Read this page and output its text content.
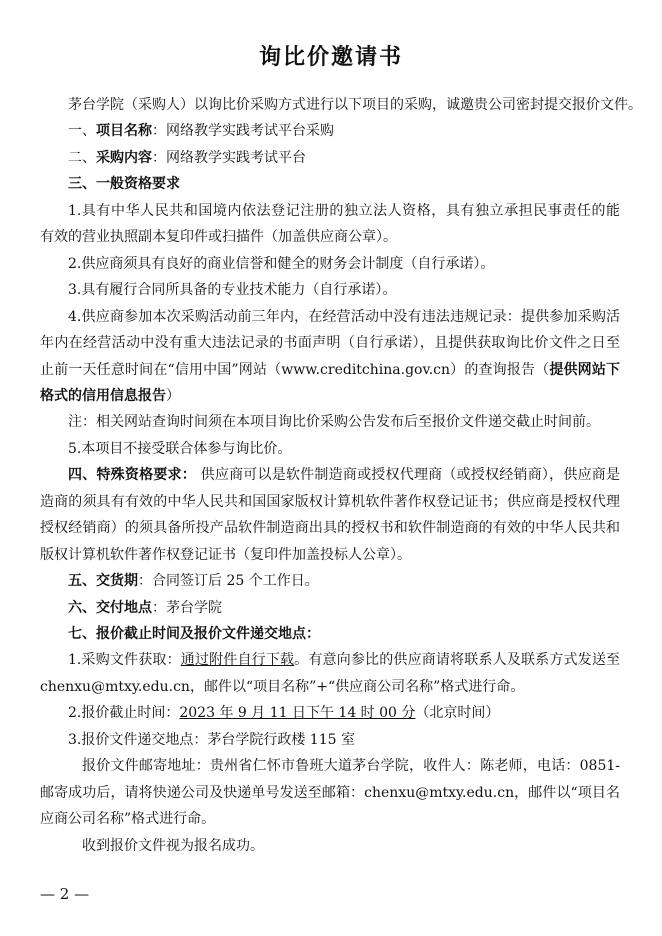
询比价邀请书
茅台学院（采购人）以询比价采购方式进行以下项目的采购，诚邀贵公司密封提交报价文件。
一、项目名称：网络教学实践考试平台采购
二、采购内容：网络教学实践考试平台
三、一般资格要求
1.具有中华人民共和国境内依法登记注册的独立法人资格，具有独立承担民事责任的能
有效的营业执照副本复印件或扫描件（加盖供应商公章）。
2.供应商须具有良好的商业信誉和健全的财务会计制度（自行承诺）。
3.具有履行合同所具备的专业技术能力（自行承诺）。
4.供应商参加本次采购活动前三年内，在经营活动中没有违法违规记录：提供参加采购活
年内在经营活动中没有重大违法记录的书面声明（自行承诺），且提供获取询比价文件之日至
止前一天任意时间在“信用中国”网站（www.creditchina.gov.cn）的查询报告（提供网站下
格式的信用信息报告）
注：相关网站查询时间须在本项目询比价采购公告发布后至报价文件递交截止时间前。
5.本项目不接受联合体参与询比价。
四、特殊资格要求： 供应商可以是软件制造商或授权代理商（或授权经销商），供应商是
造商的须具有有效的中华人民共和国国家版权计算机软件著作权登记证书；供应商是授权代理
授权经销商）的须具备所投产品软件制造商出具的授权书和软件制造商的有效的中华人民共和
版权计算机软件著作权登记证书（复印件加盖投标人公章）。
五、交货期：合同签订后 25 个工作日。
六、交付地点：茅台学院
七、报价截止时间及报价文件递交地点：
1.采购文件获取：通过附件自行下载。有意向参比的供应商请将联系人及联系方式发送至
chenxu@mtxy.edu.cn，邮件以“项目名称”+“供应商公司名称”格式进行命。
2.报价截止时间：2023 年 9 月 11 日下午 14 时 00 分（北京时间）
3.报价文件递交地点：茅台学院行政楼 115 室
报价文件邮寄地址：贵州省仁怀市鲁班大道茅台学院，收件人：陈老师，电话：0851-
邮寄成功后，请将快递公司及快递单号发送至邮箱：chenxu@mtxy.edu.cn，邮件以“项目名
应商公司名称”格式进行命。
收到报价文件视为报名成功。
— 2 —
